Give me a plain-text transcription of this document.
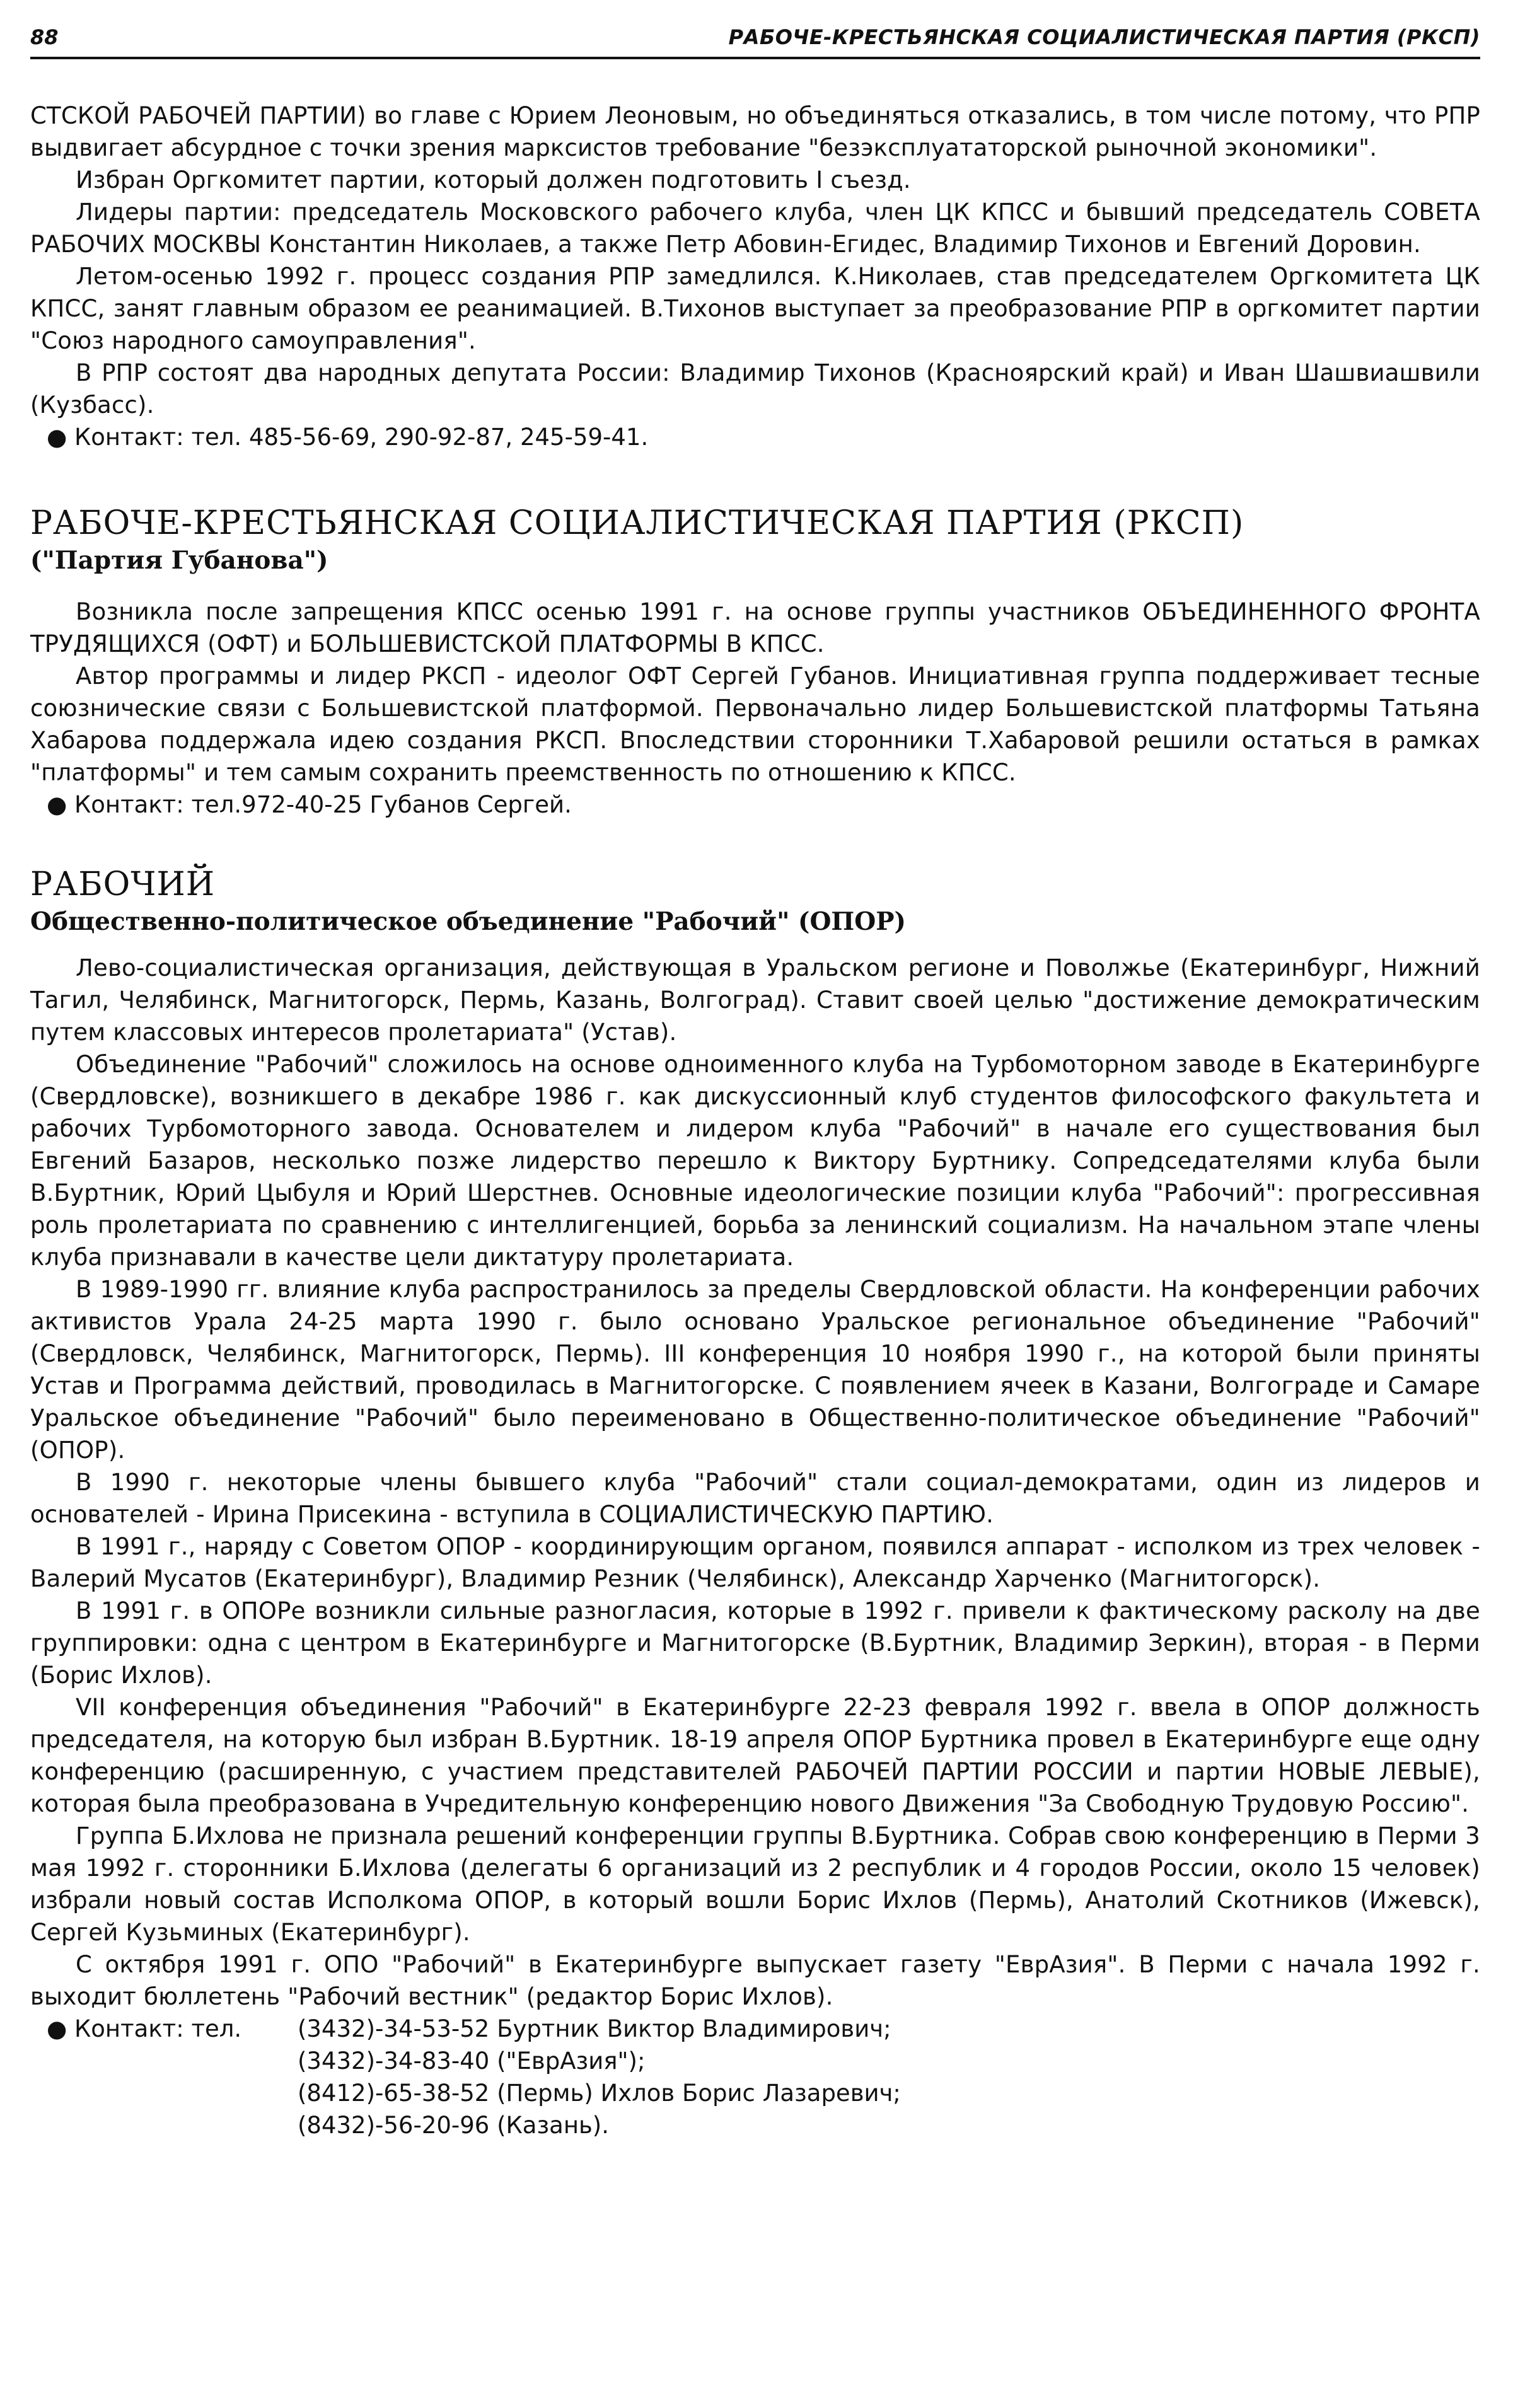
88	РАБОЧЕ-КРЕСТЬЯНСКАЯ СОЦИАЛИСТИЧЕСКАЯ ПАРТИЯ (РКСП)

СТСКОЙ РАБОЧЕЙ ПАРТИИ) во главе с Юрием Леоновым, но объединяться отказались, в том числе потому, что РПР выдвигает абсурдное с точки зрения марксистов требование "безэксплуататорской рыночной экономики".

Избран Оргкомитет партии, который должен подготовить I съезд.

Лидеры партии: председатель Московского рабочего клуба, член ЦК КПСС и бывший председатель СОВЕТА РАБОЧИХ МОСКВЫ Константин Николаев, а также Петр Абовин-Егидес, Владимир Тихонов и Евгений Доровин.

Летом-осенью 1992 г. процесс создания РПР замедлился. К.Николаев, став председателем Оргкомитета ЦК КПСС, занят главным образом ее реанимацией. В.Тихонов выступает за преобразование РПР в оргкомитет партии "Союз народного самоуправления".

В РПР состоят два народных депутата России: Владимир Тихонов (Красноярский край) и Иван Шашвиашвили (Кузбасс).

● Контакт: тел. 485-56-69, 290-92-87, 245-59-41.

РАБОЧЕ-КРЕСТЬЯНСКАЯ СОЦИАЛИСТИЧЕСКАЯ ПАРТИЯ (РКСП)

("Партия Губанова")

Возникла после запрещения КПСС осенью 1991 г. на основе группы участников ОБЪЕДИНЕННОГО ФРОНТА ТРУДЯЩИХСЯ (ОФТ) и БОЛЬШЕВИСТСКОЙ ПЛАТФОРМЫ В КПСС.

Автор программы и лидер РКСП - идеолог ОФТ Сергей Губанов. Инициативная группа поддерживает тесные союзнические связи с Большевистской платформой. Первоначально лидер Большевистской платформы Татьяна Хабарова поддержала идею создания РКСП. Впоследствии сторонники Т.Хабаровой решили остаться в рамках "платформы" и тем самым сохранить преемственность по отношению к КПСС.

● Контакт: тел.972-40-25 Губанов Сергей.

РАБОЧИЙ

Общественно-политическое объединение "Рабочий" (ОПОР)

Лево-социалистическая организация, действующая в Уральском регионе и Поволжье (Екатеринбург, Нижний Тагил, Челябинск, Магнитогорск, Пермь, Казань, Волгоград). Ставит своей целью "достижение демократическим путем классовых интересов пролетариата" (Устав).

Объединение "Рабочий" сложилось на основе одноименного клуба на Турбомоторном заводе в Екатеринбурге (Свердловске), возникшего в декабре 1986 г. как дискуссионный клуб студентов философского факультета и рабочих Турбомоторного завода. Основателем и лидером клуба "Рабочий" в начале его существования был Евгений Базаров, несколько позже лидерство перешло к Виктору Буртнику. Сопредседателями клуба были В.Буртник, Юрий Цыбуля и Юрий Шерстнев. Основные идеологические позиции клуба "Рабочий": прогрессивная роль пролетариата по сравнению с интеллигенцией, борьба за ленинский социализм. На начальном этапе члены клуба признавали в качестве цели диктатуру пролетариата.

В 1989-1990 гг. влияние клуба распространилось за пределы Свердловской области. На конференции рабочих активистов Урала 24-25 марта 1990 г. было основано Уральское региональное объединение "Рабочий" (Свердловск, Челябинск, Магнитогорск, Пермь). III конференция 10 ноября 1990 г., на которой были приняты Устав и Программа действий, проводилась в Магнитогорске. С появлением ячеек в Казани, Волгограде и Самаре Уральское объединение "Рабочий" было переименовано в Общественно-политическое объединение "Рабочий" (ОПОР).

В 1990 г. некоторые члены бывшего клуба "Рабочий" стали социал-демократами, один из лидеров и основателей - Ирина Присекина - вступила в СОЦИАЛИСТИЧЕСКУЮ ПАРТИЮ.

В 1991 г., наряду с Советом ОПОР - координирующим органом, появился аппарат - исполком из трех человек - Валерий Мусатов (Екатеринбург), Владимир Резник (Челябинск), Александр Харченко (Магнитогорск).

В 1991 г. в ОПОРе возникли сильные разногласия, которые в 1992 г. привели к фактическому расколу на две группировки: одна с центром в Екатеринбурге и Магнитогорске (В.Буртник, Владимир Зеркин), вторая - в Перми (Борис Ихлов).

VII конференция объединения "Рабочий" в Екатеринбурге 22-23 февраля 1992 г. ввела в ОПОР должность председателя, на которую был избран В.Буртник. 18-19 апреля ОПОР Буртника провел в Екатеринбурге еще одну конференцию (расширенную, с участием представителей РАБОЧЕЙ ПАРТИИ РОССИИ и партии НОВЫЕ ЛЕВЫЕ), которая была преобразована в Учредительную конференцию нового Движения "За Свободную Трудовую Россию".

Группа Б.Ихлова не признала решений конференции группы В.Буртника. Собрав свою конференцию в Перми 3 мая 1992 г. сторонники Б.Ихлова (делегаты 6 организаций из 2 республик и 4 городов России, около 15 человек) избрали новый состав Исполкома ОПОР, в который вошли Борис Ихлов (Пермь), Анатолий Скотников (Ижевск), Сергей Кузьминых (Екатеринбург).

С октября 1991 г. ОПО "Рабочий" в Екатеринбурге выпускает газету "ЕврАзия". В Перми с начала 1992 г. выходит бюллетень "Рабочий вестник" (редактор Борис Ихлов).

● Контакт: тел.	(3432)-34-53-52 Буртник Виктор Владимирович;
(3432)-34-83-40 ("ЕврАзия");
(8412)-65-38-52 (Пермь) Ихлов Борис Лазаревич;
(8432)-56-20-96 (Казань).
